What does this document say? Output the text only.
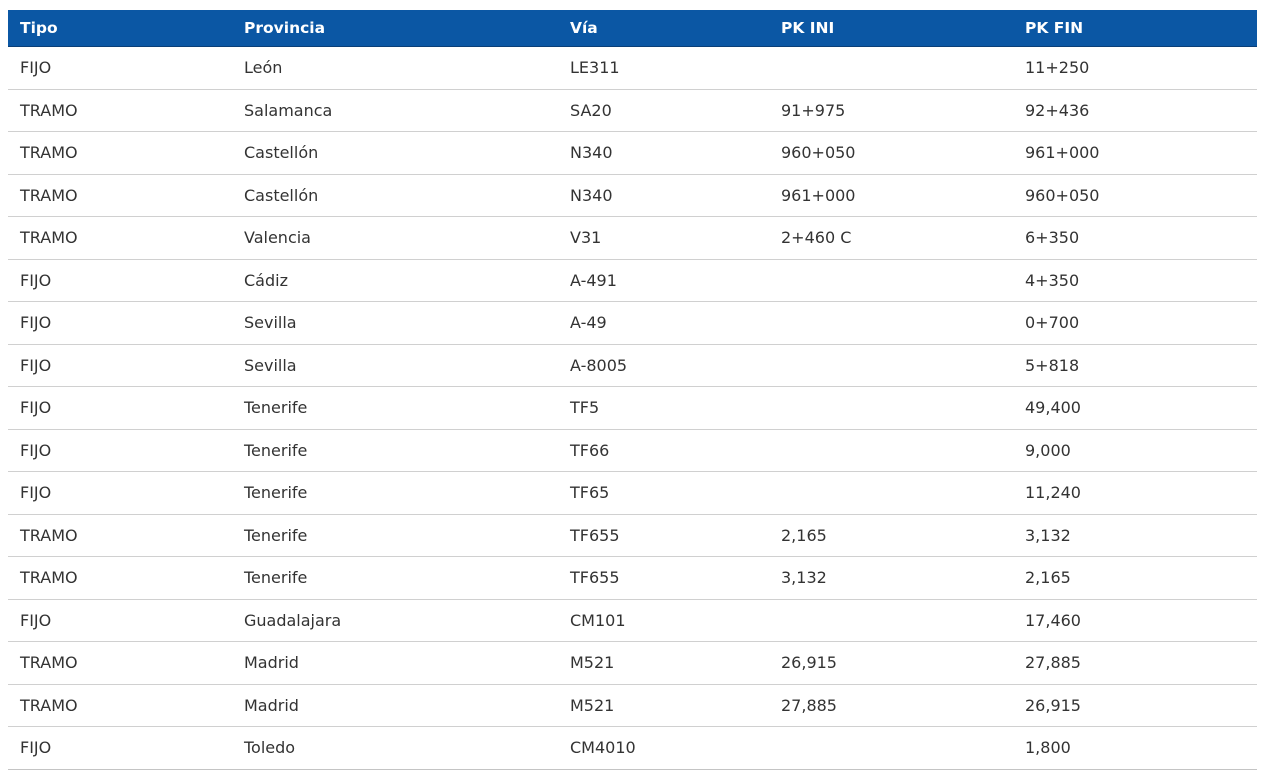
Tipo	Provincia	Vía	PK INI	PK FIN
FIJO	León	LE311		11+250
TRAMO	Salamanca	SA20	91+975	92+436
TRAMO	Castellón	N340	960+050	961+000
TRAMO	Castellón	N340	961+000	960+050
TRAMO	Valencia	V31	2+460 C	6+350
FIJO	Cádiz	A-491		4+350
FIJO	Sevilla	A-49		0+700
FIJO	Sevilla	A-8005		5+818
FIJO	Tenerife	TF5		49,400
FIJO	Tenerife	TF66		9,000
FIJO	Tenerife	TF65		11,240
TRAMO	Tenerife	TF655	2,165	3,132
TRAMO	Tenerife	TF655	3,132	2,165
FIJO	Guadalajara	CM101		17,460
TRAMO	Madrid	M521	26,915	27,885
TRAMO	Madrid	M521	27,885	26,915
FIJO	Toledo	CM4010		1,800
